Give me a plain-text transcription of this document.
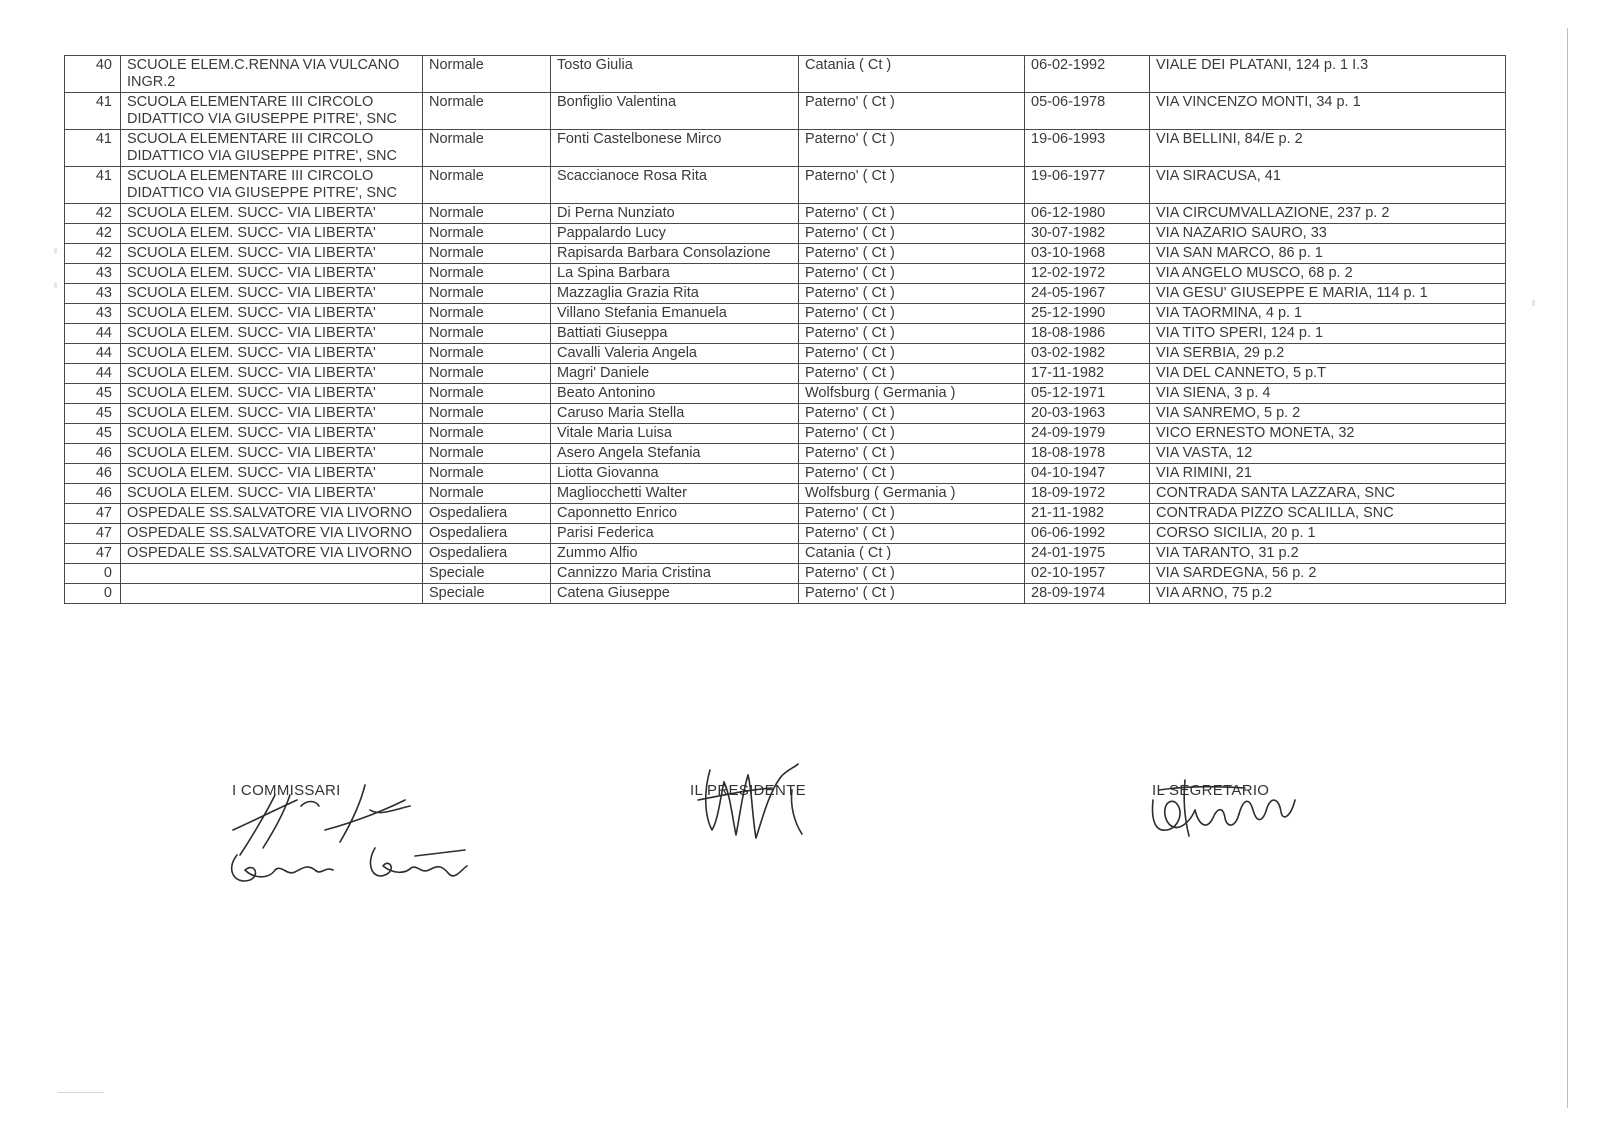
40	SCUOLE ELEM.C.RENNA VIA VULCANO INGR.2	Normale	Tosto Giulia	Catania ( Ct )	06-02-1992	VIALE DEI PLATANI, 124 p. 1 I.3
41	SCUOLA ELEMENTARE III CIRCOLO DIDATTICO VIA GIUSEPPE PITRE', SNC	Normale	Bonfiglio Valentina	Paterno' ( Ct )	05-06-1978	VIA VINCENZO MONTI, 34 p. 1
41	SCUOLA ELEMENTARE III CIRCOLO DIDATTICO VIA GIUSEPPE PITRE', SNC	Normale	Fonti Castelbonese Mirco	Paterno' ( Ct )	19-06-1993	VIA BELLINI, 84/E p. 2
41	SCUOLA ELEMENTARE III CIRCOLO DIDATTICO VIA GIUSEPPE PITRE', SNC	Normale	Scaccianoce Rosa Rita	Paterno' ( Ct )	19-06-1977	VIA SIRACUSA, 41
42	SCUOLA ELEM. SUCC- VIA LIBERTA'	Normale	Di Perna Nunziato	Paterno' ( Ct )	06-12-1980	VIA CIRCUMVALLAZIONE, 237 p. 2
42	SCUOLA ELEM. SUCC- VIA LIBERTA'	Normale	Pappalardo Lucy	Paterno' ( Ct )	30-07-1982	VIA NAZARIO SAURO, 33
42	SCUOLA ELEM. SUCC- VIA LIBERTA'	Normale	Rapisarda Barbara Consolazione	Paterno' ( Ct )	03-10-1968	VIA SAN MARCO, 86 p. 1
43	SCUOLA ELEM. SUCC- VIA LIBERTA'	Normale	La Spina Barbara	Paterno' ( Ct )	12-02-1972	VIA ANGELO MUSCO, 68 p. 2
43	SCUOLA ELEM. SUCC- VIA LIBERTA'	Normale	Mazzaglia Grazia Rita	Paterno' ( Ct )	24-05-1967	VIA GESU' GIUSEPPE E MARIA, 114 p. 1
43	SCUOLA ELEM. SUCC- VIA LIBERTA'	Normale	Villano Stefania Emanuela	Paterno' ( Ct )	25-12-1990	VIA TAORMINA, 4 p. 1
44	SCUOLA ELEM. SUCC- VIA LIBERTA'	Normale	Battiati Giuseppa	Paterno' ( Ct )	18-08-1986	VIA TITO SPERI, 124 p. 1
44	SCUOLA ELEM. SUCC- VIA LIBERTA'	Normale	Cavalli Valeria Angela	Paterno' ( Ct )	03-02-1982	VIA SERBIA, 29 p.2
44	SCUOLA ELEM. SUCC- VIA LIBERTA'	Normale	Magri' Daniele	Paterno' ( Ct )	17-11-1982	VIA DEL CANNETO, 5 p.T
45	SCUOLA ELEM. SUCC- VIA LIBERTA'	Normale	Beato Antonino	Wolfsburg ( Germania )	05-12-1971	VIA SIENA, 3 p. 4
45	SCUOLA ELEM. SUCC- VIA LIBERTA'	Normale	Caruso Maria Stella	Paterno' ( Ct )	20-03-1963	VIA SANREMO, 5 p. 2
45	SCUOLA ELEM. SUCC- VIA LIBERTA'	Normale	Vitale Maria Luisa	Paterno' ( Ct )	24-09-1979	VICO ERNESTO MONETA, 32
46	SCUOLA ELEM. SUCC- VIA LIBERTA'	Normale	Asero Angela Stefania	Paterno' ( Ct )	18-08-1978	VIA VASTA, 12
46	SCUOLA ELEM. SUCC- VIA LIBERTA'	Normale	Liotta Giovanna	Paterno' ( Ct )	04-10-1947	VIA RIMINI, 21
46	SCUOLA ELEM. SUCC- VIA LIBERTA'	Normale	Magliocchetti Walter	Wolfsburg ( Germania )	18-09-1972	CONTRADA SANTA LAZZARA, SNC
47	OSPEDALE SS.SALVATORE VIA LIVORNO	Ospedaliera	Caponnetto Enrico	Paterno' ( Ct )	21-11-1982	CONTRADA PIZZO SCALILLA, SNC
47	OSPEDALE SS.SALVATORE VIA LIVORNO	Ospedaliera	Parisi Federica	Paterno' ( Ct )	06-06-1992	CORSO SICILIA, 20 p. 1
47	OSPEDALE SS.SALVATORE VIA LIVORNO	Ospedaliera	Zummo Alfio	Catania ( Ct )	24-01-1975	VIA TARANTO, 31 p.2
0		Speciale	Cannizzo Maria Cristina	Paterno' ( Ct )	02-10-1957	VIA SARDEGNA, 56 p. 2
0		Speciale	Catena Giuseppe	Paterno' ( Ct )	28-09-1974	VIA ARNO, 75 p.2
I COMMISSARI	IL PRESIDENTE	IL SEGRETARIO
